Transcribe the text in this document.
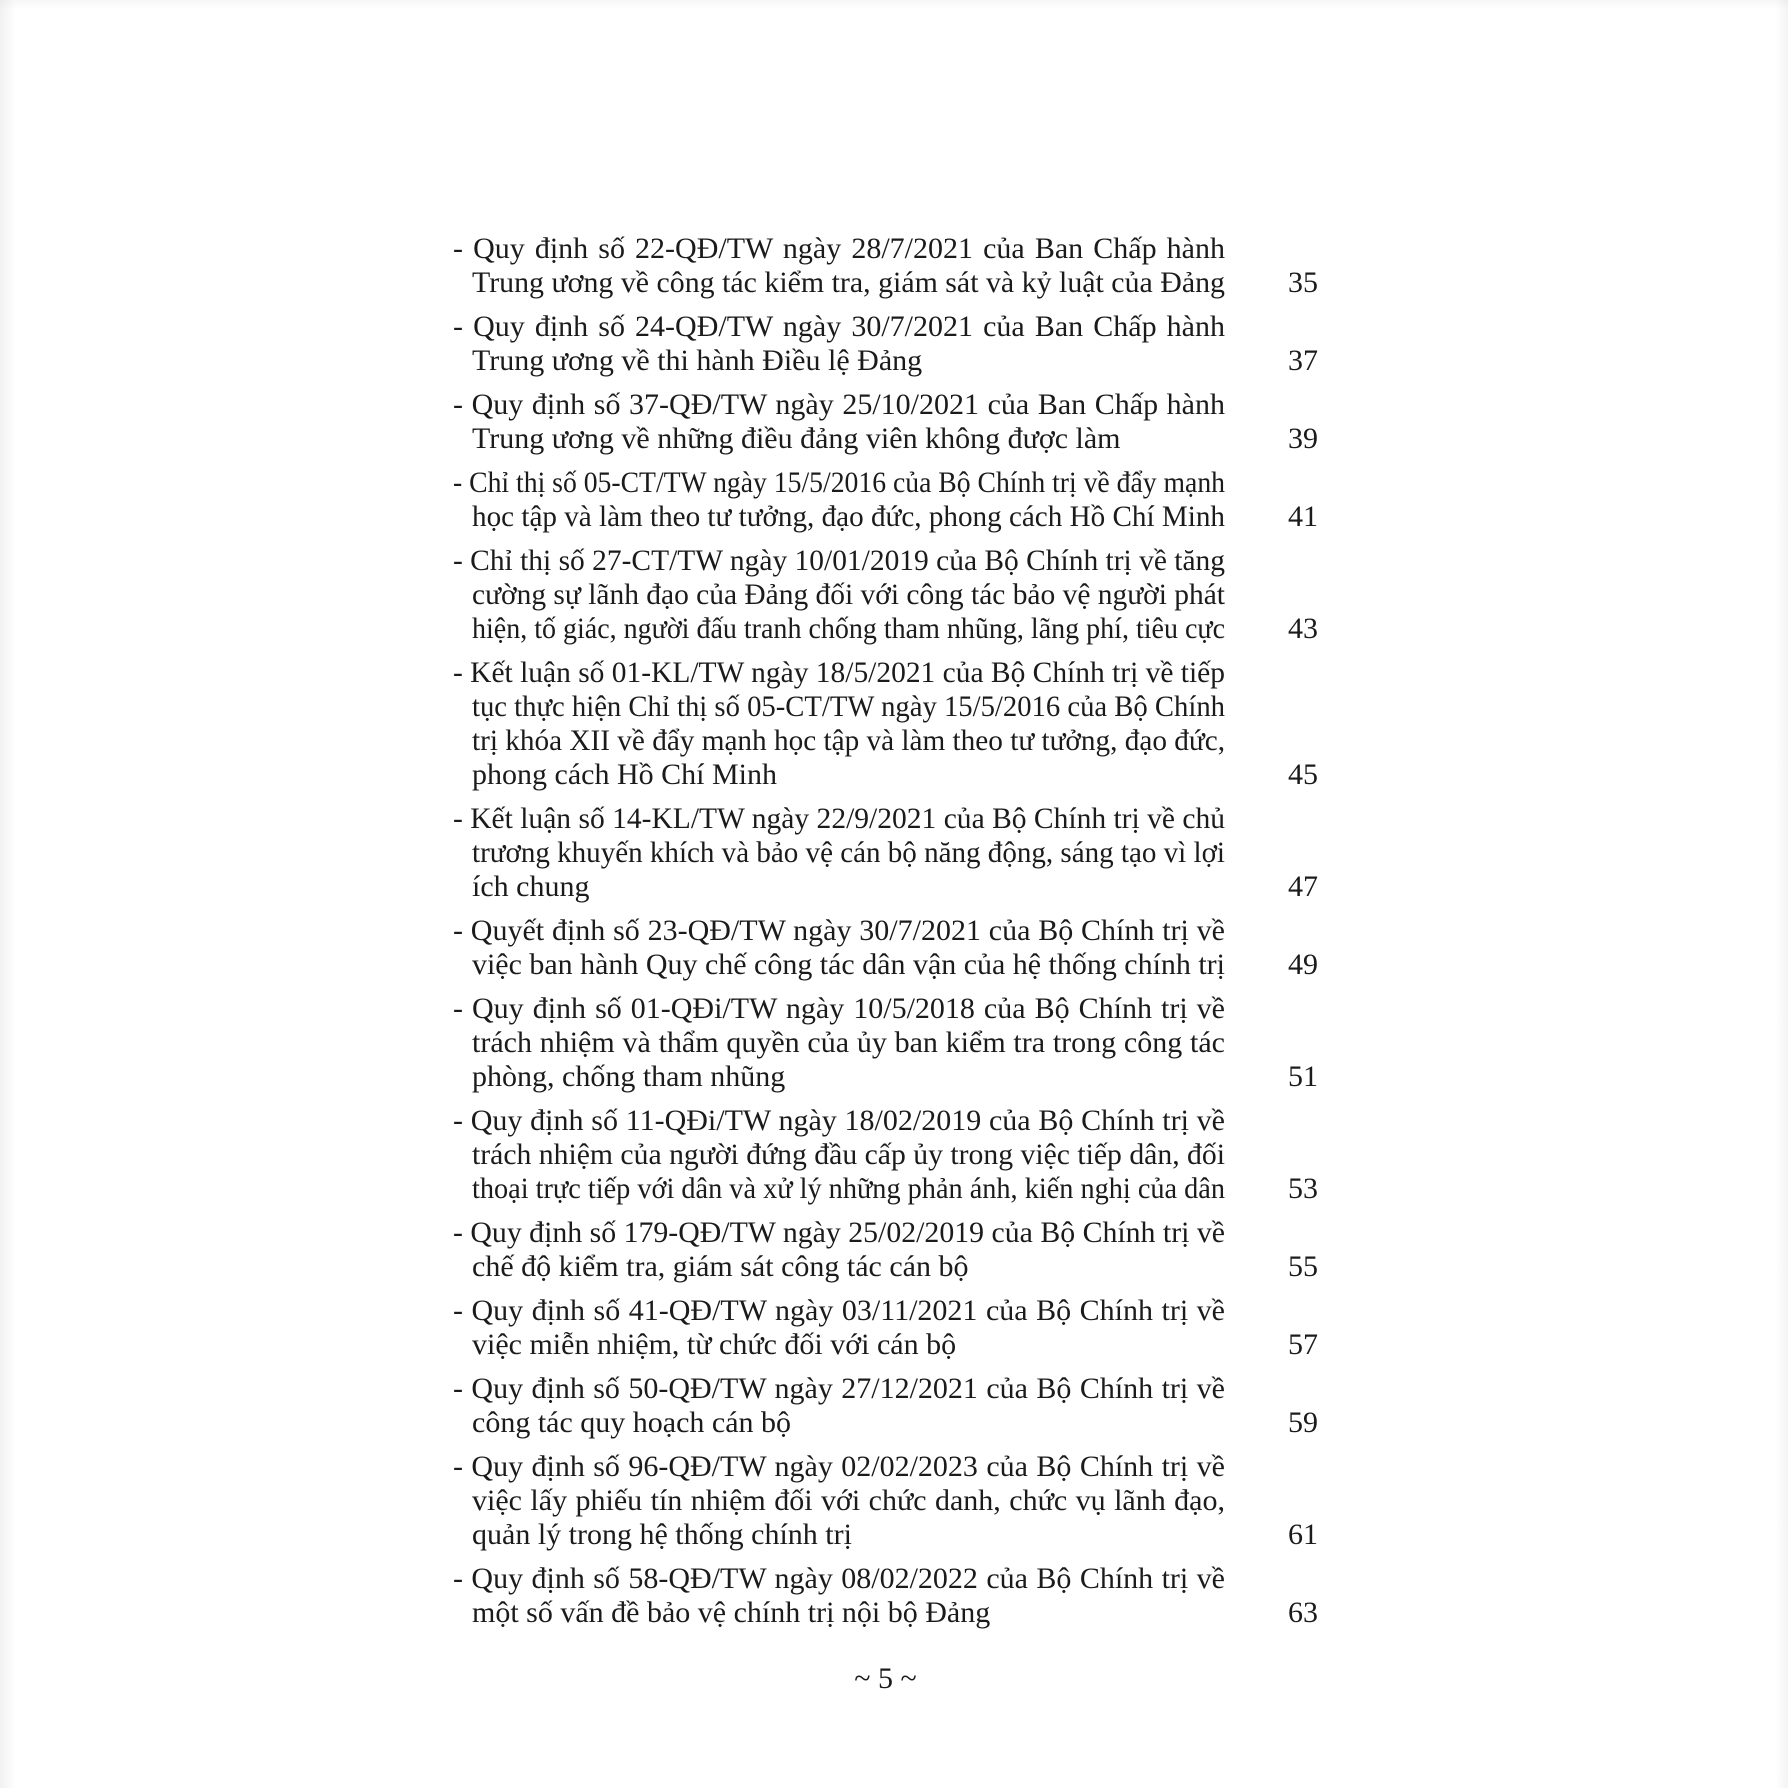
- Quy định số 22-QĐ/TW ngày 28/7/2021 của Ban Chấp hành
Trung ương về công tác kiểm tra, giám sát và kỷ luật của Đảng 35
- Quy định số 24-QĐ/TW ngày 30/7/2021 của Ban Chấp hành
Trung ương về thi hành Điều lệ Đảng	37
- Quy định số 37-QĐ/TW ngày 25/10/2021 của Ban Chấp hành
Trung ương về những điều đảng viên không được làm	39
- Chỉ thị số 05-CT/TW ngày 15/5/2016 của Bộ Chính trị về đẩy mạnh
học tập và làm theo tư tưởng, đạo đức, phong cách Hồ Chí Minh 41
- Chỉ thị số 27-CT/TW ngày 10/01/2019 của Bộ Chính trị về tăng
cường sự lãnh đạo của Đảng đối với công tác bảo vệ người phát
hiện, tố giác, người đấu tranh chống tham nhũng, lãng phí, tiêu cực 43
- Kết luận số 01-KL/TW ngày 18/5/2021 của Bộ Chính trị về tiếp
tục thực hiện Chỉ thị số 05-CT/TW ngày 15/5/2016 của Bộ Chính
trị khóa XII về đẩy mạnh học tập và làm theo tư tưởng, đạo đức,
phong cách Hồ Chí Minh	45
- Kết luận số 14-KL/TW ngày 22/9/2021 của Bộ Chính trị về chủ
trương khuyến khích và bảo vệ cán bộ năng động, sáng tạo vì lợi
ích chung	47
- Quyết định số 23-QĐ/TW ngày 30/7/2021 của Bộ Chính trị về
việc ban hành Quy chế công tác dân vận của hệ thống chính trị 49
- Quy định số 01-QĐi/TW ngày 10/5/2018 của Bộ Chính trị về
trách nhiệm và thẩm quyền của ủy ban kiểm tra trong công tác
phòng, chống tham nhũng	51
- Quy định số 11-QĐi/TW ngày 18/02/2019 của Bộ Chính trị về
trách nhiệm của người đứng đầu cấp ủy trong việc tiếp dân, đối
thoại trực tiếp với dân và xử lý những phản ánh, kiến nghị của dân 53
- Quy định số 179-QĐ/TW ngày 25/02/2019 của Bộ Chính trị về
chế độ kiểm tra, giám sát công tác cán bộ	55
- Quy định số 41-QĐ/TW ngày 03/11/2021 của Bộ Chính trị về
việc miễn nhiệm, từ chức đối với cán bộ	57
- Quy định số 50-QĐ/TW ngày 27/12/2021 của Bộ Chính trị về
công tác quy hoạch cán bộ	59
- Quy định số 96-QĐ/TW ngày 02/02/2023 của Bộ Chính trị về
việc lấy phiếu tín nhiệm đối với chức danh, chức vụ lãnh đạo,
quản lý trong hệ thống chính trị	61
- Quy định số 58-QĐ/TW ngày 08/02/2022 của Bộ Chính trị về
một số vấn đề bảo vệ chính trị nội bộ Đảng	63
~ 5 ~
